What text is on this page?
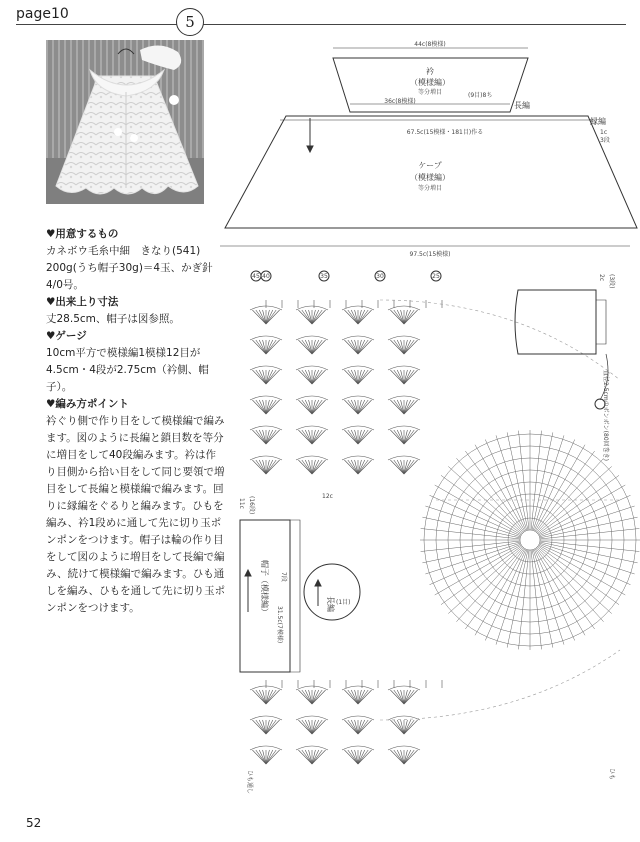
page10	5
♥用意するもの
カネボウ毛糸中細　きなり(541) 200g(うち帽子30g)＝4玉、かぎ針4/0号。
♥出来上り寸法
丈28.5cm、帽子は図参照。
♥ゲージ
10cm平方で模様編1模様12目が4.5cm・4段が2.75cm（衿側、帽子）。
♥編み方ポイント
衿ぐり側で作り目をして模様編で編みます。図のように長編と鎖目数を等分に増目をして40段編みます。衿は作り目側から拾い目をして同じ要領で増目をして長編と模様編で編みます。回りに縁編をぐるりと編みます。ひもを編み、衿1段めに通して先に切り玉ポンポンをつけます。帽子は輪の作り目をして図のように増目をして長編で編み、続けて模様編で編みます。ひも通しを編み、ひもを通して先に切り玉ポンポンをつけます。
44c(8模様)
衿
（模様編）
等分増目
36c(8模様)
(9目)8ち
長編
67.5c(15模様・181目)作る
縁編
1c
3段
ケープ
（模様編）
等分増目
97.5c(15模様)
45 40	35	30	25
11c (16段)	12c
2c (3段)
帽子（模様編）
31.5c(7模様)
7段
長編 (1目)
直径2.5cmのポンポン(80回巻き)
ひも通し	ひも
52
